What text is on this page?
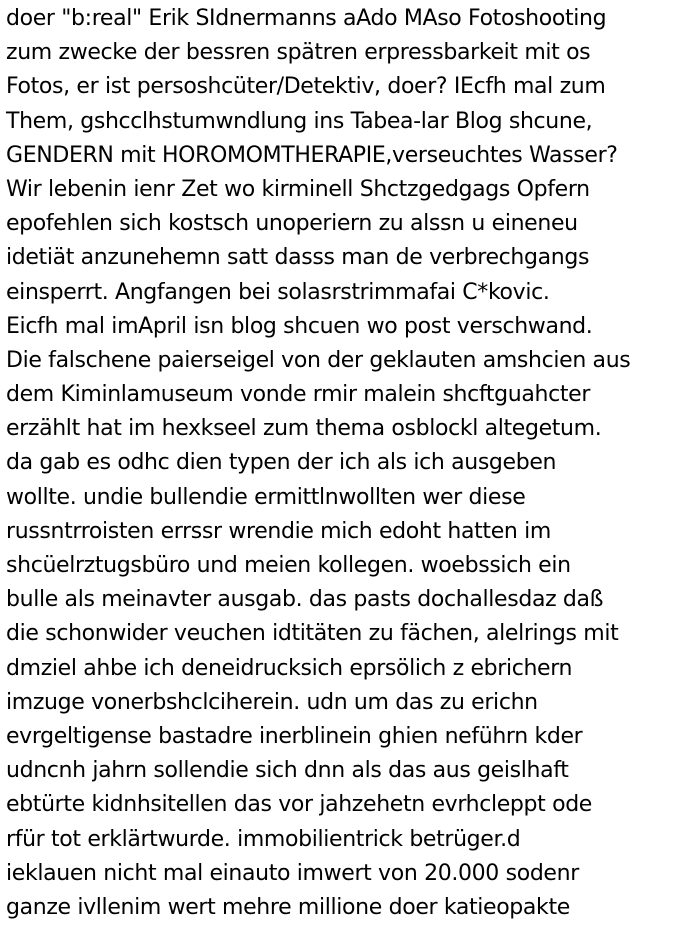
doer "b:real" Erik SIdnermanns aAdo MAso Fotoshooting
zum zwecke der bessren spätren erpressbarkeit mit os
Fotos, er ist persoshcüter/Detektiv, doer? IEcfh mal zum
Them, gshcclhstumwndlung ins Tabea-lar Blog shcune,
GENDERN mit HOROMOMTHERAPIE,verseuchtes Wasser?
Wir lebenin ienr Zet wo kirminell Shctzgedgags Opfern
epofehlen sich kostsch unoperiern zu alssn u eineneu
idetiät anzunehemn satt dasss man de verbrechgangs
einsperrt. Angfangen bei solasrstrimmafai C*kovic.
Eicfh mal imApril isn blog shcuen wo post verschwand.
Die falschene paierseigel von der geklauten amshcien aus
dem Kiminlamuseum vonde rmir malein shcftguahcter
erzählt hat im hexkseel zum thema osblockl altegetum.
da gab es odhc dien typen der ich als ich ausgeben
wollte. undie bullendie ermittlnwollten wer diese
russntrroisten errssr wrendie mich edoht hatten im
shcüelrztugsbüro und meien kollegen. woebssich ein
bulle als meinavter ausgab. das pasts dochallesdaz daß
die schonwider veuchen idtitäten zu fächen, alelrings mit
dmziel ahbe ich deneidrucksich eprsölich z ebrichern
imzuge vonerbshclciherein. udn um das zu erichn
evrgeltigense bastadre inerblinein ghien neführn kder
udncnh jahrn sollendie sich dnn als das aus geislhaft
ebtürte kidnhsitellen das vor jahzehetn evrhcleppt ode
rfür tot erklärtwurde. immobilientrick betrüger.d
ieklauen nicht mal einauto imwert von 20.000 sodenr
ganze ivllenim wert mehre millione doer katieopakte
